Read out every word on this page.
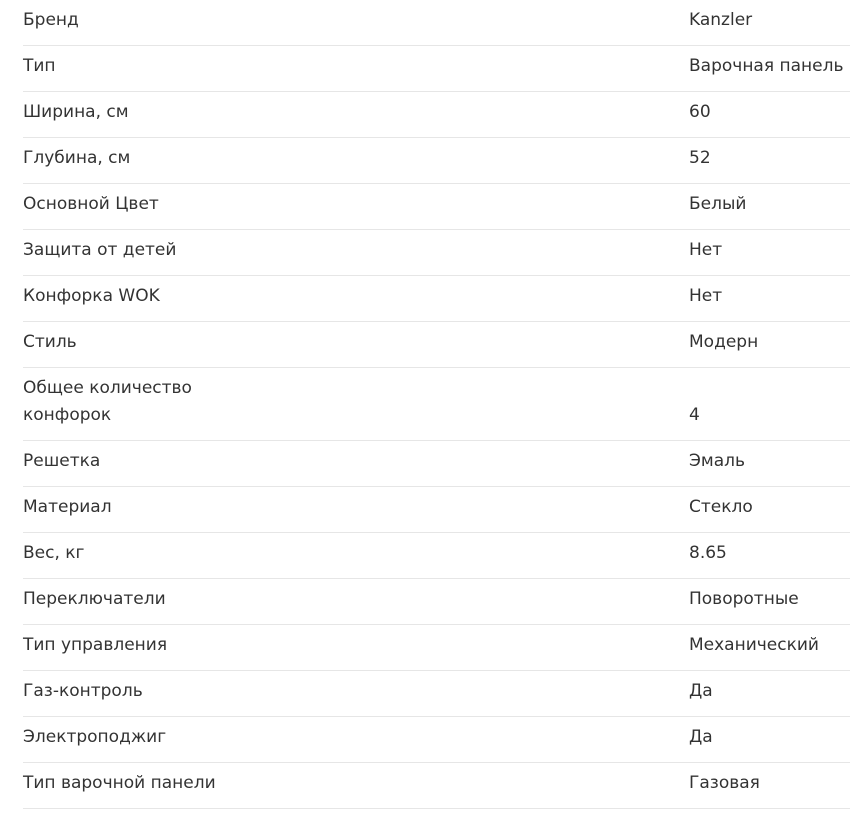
Бренд	Kanzler
Тип	Варочная панель
Ширина, см	60
Глубина, см	52
Основной Цвет	Белый
Защита от детей	Нет
Конфорка WOK	Нет
Стиль	Модерн
Общее количество конфорок	4
Решетка	Эмаль
Материал	Стекло
Вес, кг	8.65
Переключатели	Поворотные
Тип управления	Механический
Газ-контроль	Да
Электроподжиг	Да
Тип варочной панели	Газовая
